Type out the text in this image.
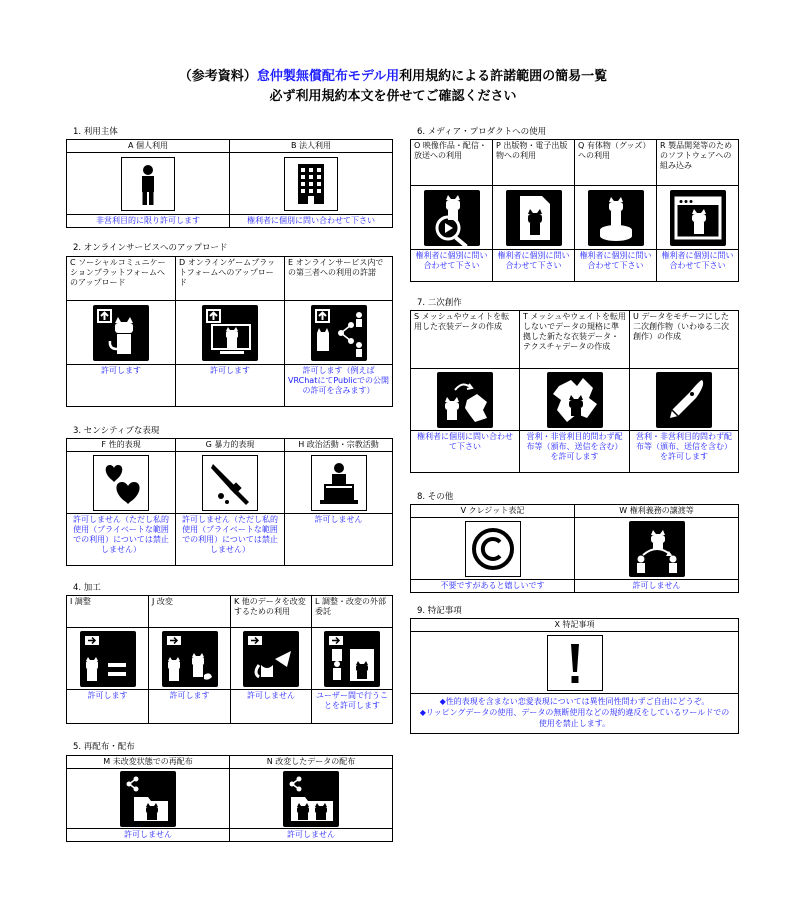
（参考資料）怠仲製無償配布モデル用利用規約による許諾範囲の簡易一覧
必ず利用規約本文を併せてご確認ください
1. 利用主体
A 個人利用	B 法人利用

非営利目的に限り許可します	権利者に個別に問い合わせて下さい
2. オンラインサービスへのアップロード
C ソーシャルコミュニケーションプラットフォームへのアップロード	D オンラインゲームプラットフォームへのアップロード	E オンラインサービス内での第三者への利用の許諾

許可します	許可します	許可します（例えばVRChatにてPublicでの公開の許可を含みます）
3. センシティブな表現
F 性的表現	G 暴力的表現	H 政治活動・宗教活動

許可しません（ただし私的使用（プライベートな範囲での利用）については禁止しません）	許可しません（ただし私的使用（プライベートな範囲での利用）については禁止しません）	許可しません
4. 加工
I 調整	J 改変	K 他のデータを改変するための利用	L 調整・改変の外部委託

許可します	許可します	許可しません	ユーザー間で行うことを許可します
5. 再配布・配布
M 未改変状態での再配布	N 改変したデータの配布

許可しません	許可しません
6. メディア・プロダクトへの使用
O 映像作品・配信・放送への利用	P 出版物・電子出版物への利用	Q 有体物（グッズ）への利用	R 製品開発等のためのソフトウェアへの組み込み

権利者に個別に問い合わせて下さい	権利者に個別に問い合わせて下さい	権利者に個別に問い合わせて下さい	権利者に個別に問い合わせて下さい
7. 二次創作
S メッシュやウェイトを転用した衣装データの作成	T メッシュやウェイトを転用しないでデータの規格に準拠した新たな衣装データ・テクスチャデータの作成	U データをモチーフにした二次創作物（いわゆる二次創作）の作成

権利者に個別に問い合わせて下さい	営利・非営利目的問わず配布等（頒布、送信を含む）を許可します	営利・非営利目的問わず配布等（頒布、送信を含む）を許可します
8. その他
V クレジット表記	W 権利義務の譲渡等

不要ですがあると嬉しいです	許可しません
9. 特記事項
X 特記事項

◆性的表現を含まない恋愛表現については異性同性問わずご自由にどうぞ。
◆リッピングデータの使用、データの無断使用などの規約違反をしているワールドでの使用を禁止します。
